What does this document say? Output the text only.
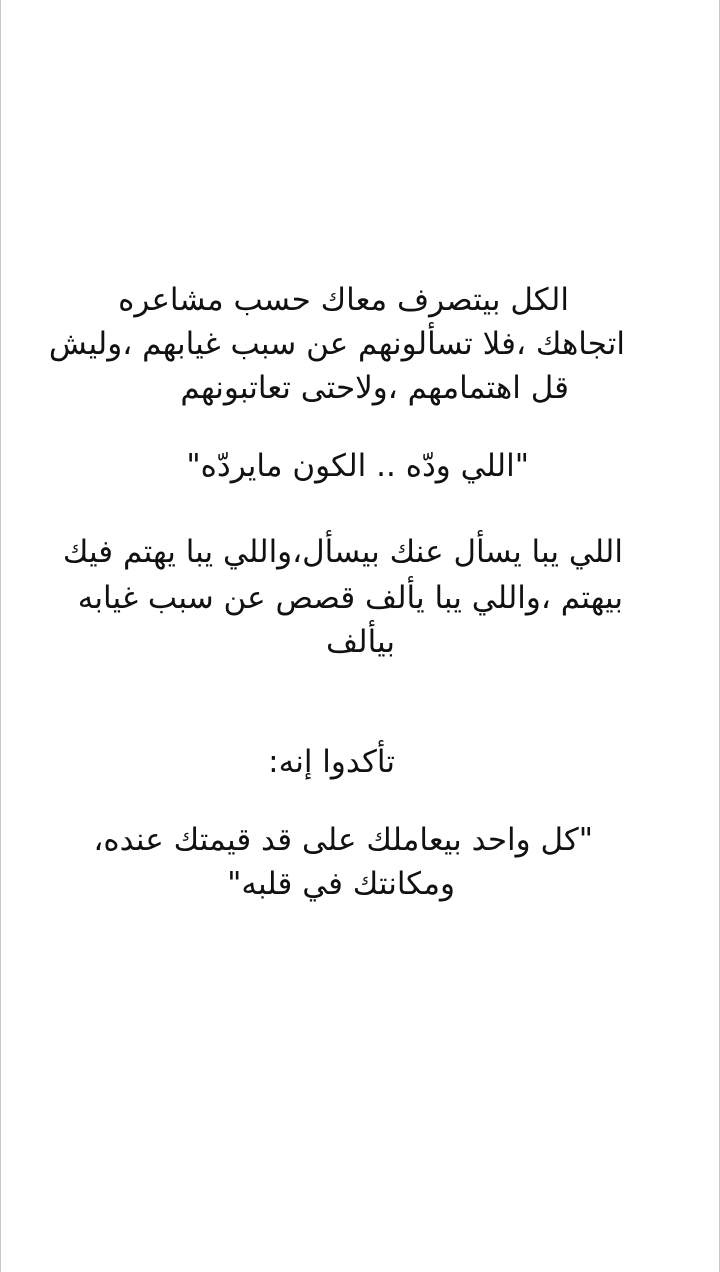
الكل بيتصرف معاك حسب مشاعره
اتجاهك ،فلا تسألونهم عن سبب غيابهم ،وليش
قل اهتمامهم ،ولاحتى تعاتبونهم
"اللي ودّه .. الكون مايردّه"
اللي يبا يسأل عنك بيسأل،واللي يبا يهتم فيك
بيهتم ،واللي يبا يألف قصص عن سبب غيابه
بيألف
تأكدوا إنه:
"كل واحد بيعاملك على قد قيمتك عنده،
ومكانتك في قلبه"
